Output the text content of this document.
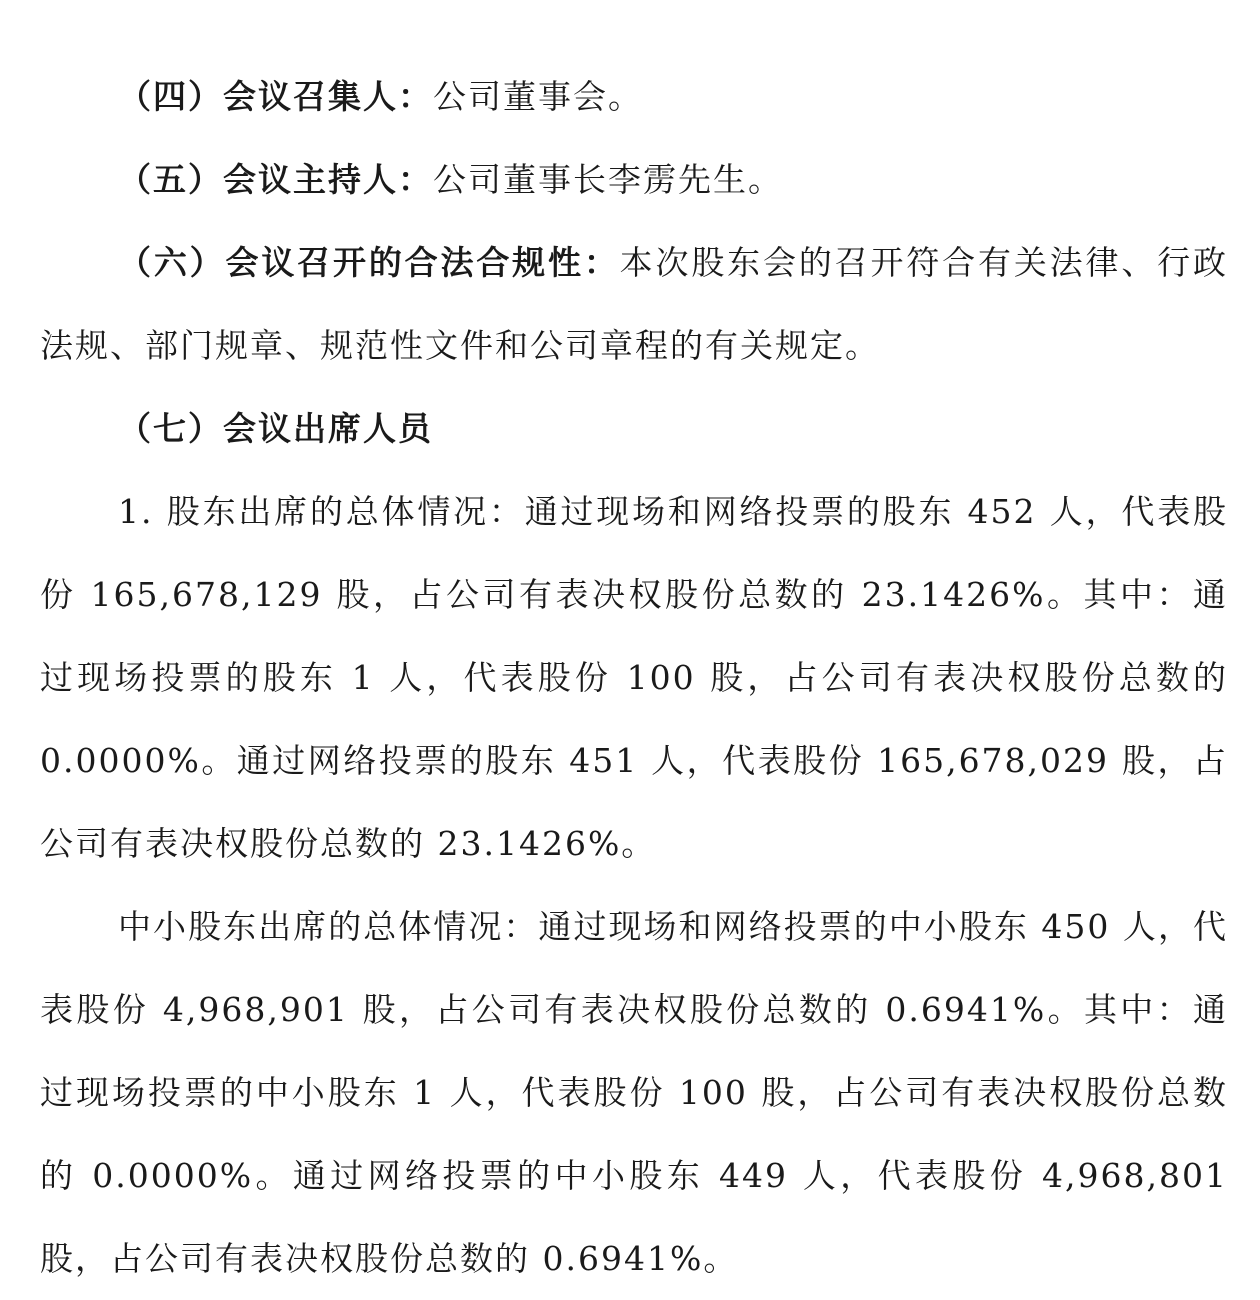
（四）会议召集人：公司董事会。

（五）会议主持人：公司董事长李雳先生。

（六）会议召开的合法合规性：本次股东会的召开符合有关法律、行政法规、部门规章、规范性文件和公司章程的有关规定。

（七）会议出席人员

1. 股东出席的总体情况：通过现场和网络投票的股东 452 人，代表股份 165,678,129 股，占公司有表决权股份总数的 23.1426%。其中：通过现场投票的股东 1 人，代表股份 100 股，占公司有表决权股份总数的 0.0000%。通过网络投票的股东 451 人，代表股份 165,678,029 股，占公司有表决权股份总数的 23.1426%。

中小股东出席的总体情况：通过现场和网络投票的中小股东 450 人，代表股份 4,968,901 股，占公司有表决权股份总数的 0.6941%。其中：通过现场投票的中小股东 1 人，代表股份 100 股，占公司有表决权股份总数的 0.0000%。通过网络投票的中小股东 449 人，代表股份 4,968,801 股，占公司有表决权股份总数的 0.6941%。
